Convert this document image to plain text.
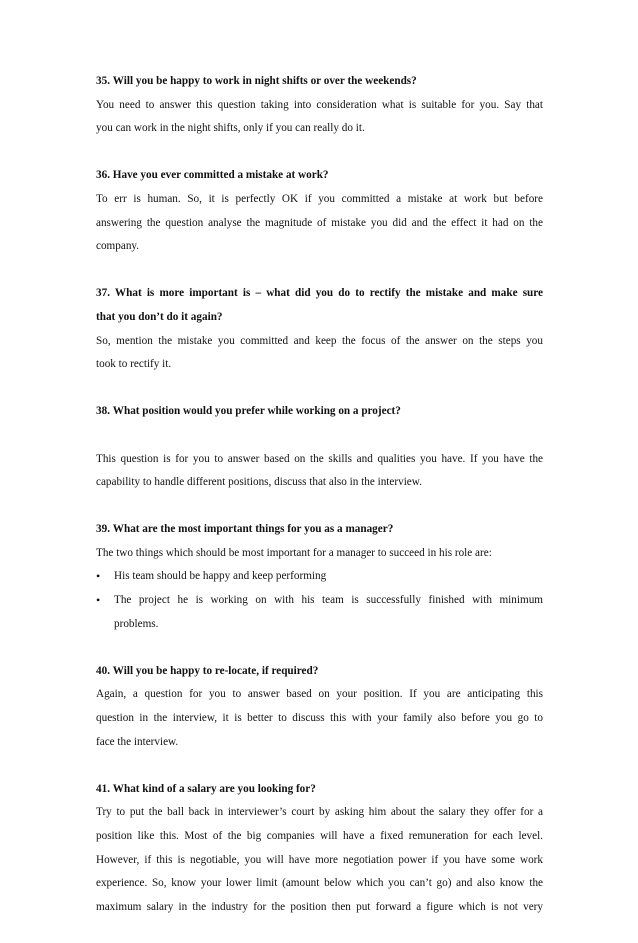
35.
Will you be happy to work in night shifts or over the weekends?
You need to answer this question taking into consideration what is suitable for you. Say that
you can work in the night shifts, only if you can really do it.
36.
Have you ever committed a mistake at work?
To err is human. So, it is perfectly OK if you committed a mistake at work but before
answering the question analyse the magnitude of mistake you did and the effect it had on the
company.
37. What is more important is – what did you do to rectify the mistake and make sure
that you don’t do it again?
So, mention the mistake you committed and keep the focus of the answer on the steps you
took to rectify it.
38.
What position would you prefer while working on a project?
This question is for you to answer based on the skills and qualities you have. If you have the
capability to handle different positions, discuss that also in the interview.
39.
What are the most important things for you as a manager?
The two things which should be most important for a manager to succeed in his role are:
• His team should be happy and keep performing
• The project he is working on with his team is successfully finished with minimum
problems.
40.
Will you be happy to re-locate, if required?
Again, a question for you to answer based on your position. If you are anticipating this
question in the interview, it is better to discuss this with your family also before you go to
face the interview.
41.
What kind of a salary are you looking for?
Try to put the ball back in interviewer’s court by asking him about the salary they offer for a
position like this. Most of the big companies will have a fixed remuneration for each level.
However, if this is negotiable, you will have more negotiation power if you have some work
experience. So, know your lower limit (amount below which you can’t go) and also know the
maximum salary in the industry for the position then put forward a figure which is not very
